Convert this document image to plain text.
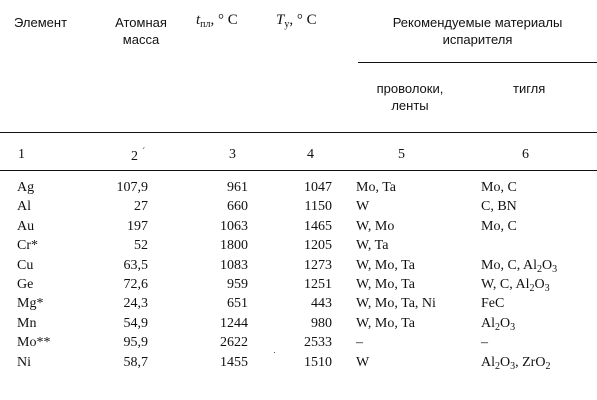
Элемент	Атомная
масса
$t_{пл}$, ° С	$T_у$, ° С	Рекомендуемые материалы
испарителя
проволоки,
ленты
тигля
1	2 $^ˊ$	3	4	5	6
Ag	107,9	961	1047 Mo, Ta	Mo, C
Al	27	660	1150 W	C, BN
Au	197	1063	1465 W, Mo	Mo, C
Cr*	52	1800	1205 W, Ta
Cu	63,5	1083	1273 W, Mo, Ta	Mo, C, $Al_2O_3$
Ge	72,6	959	1251 W, Mo, Ta	W, C, $Al_2O_3$
Mg*	24,3	651	443 W, Mo, Ta, Ni	FeC
Mn	54,9	1244	980 W, Mo, Ta	$Al_2O_3$
Mo**	95,9	2622	2533 –	–
Ni	58,7	1455	1510 W	$Al_2O_3$, ZrO$_2$
